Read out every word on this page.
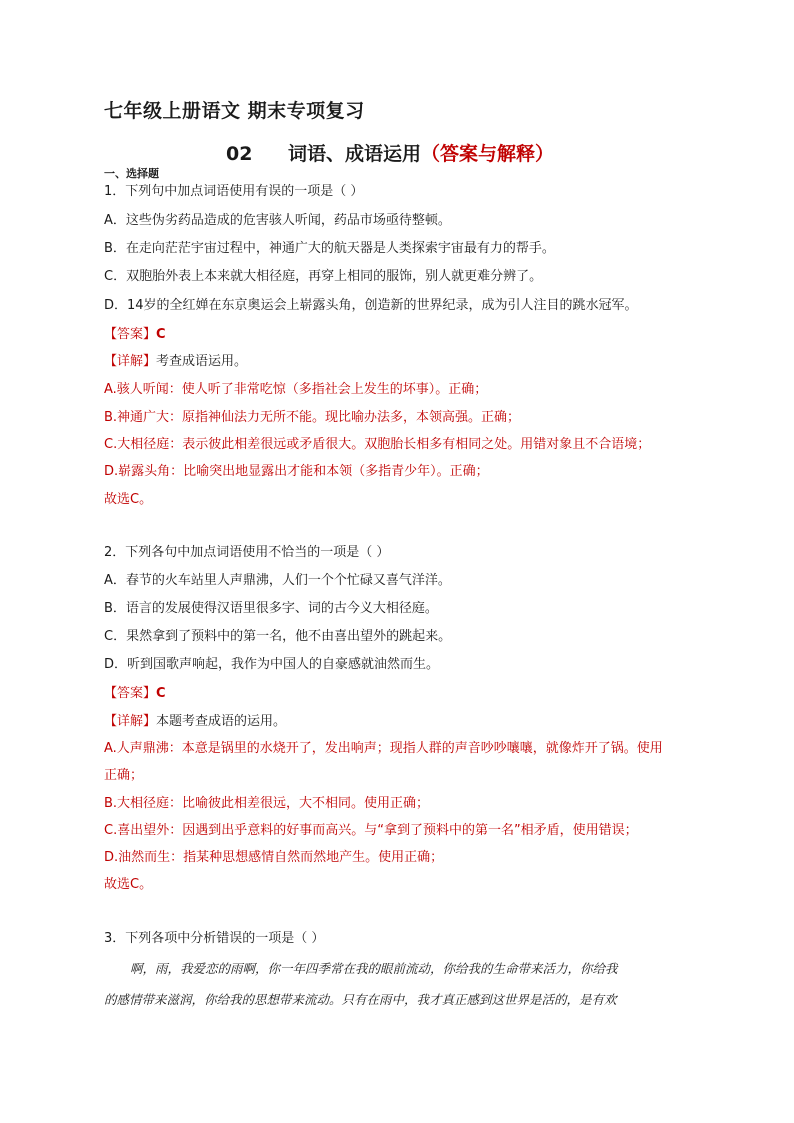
七年级上册语文 期末专项复习
02 词语、成语运用（答案与解释）
一、选择题
1．下列句中加点词语使用有误的一项是（ ）
A．这些伪劣药品造成的危害骇人听闻，药品市场亟待整顿。
B．在走向茫茫宇宙过程中，神通广大的航天器是人类探索宇宙最有力的帮手。
C．双胞胎外表上本来就大相径庭，再穿上相同的服饰，别人就更难分辨了。
D．14岁的全红婵在东京奥运会上崭露头角，创造新的世界纪录，成为引人注目的跳水冠军。
【答案】C
【详解】考查成语运用。
A.骇人听闻：使人听了非常吃惊（多指社会上发生的坏事）。正确；
B.神通广大：原指神仙法力无所不能。现比喻办法多，本领高强。正确；
C.大相径庭：表示彼此相差很远或矛盾很大。双胞胎长相多有相同之处。用错对象且不合语境；
D.崭露头角：比喻突出地显露出才能和本领（多指青少年）。正确；
故选C。
2．下列各句中加点词语使用不恰当的一项是（ ）
A．春节的火车站里人声鼎沸，人们一个个忙碌又喜气洋洋。
B．语言的发展使得汉语里很多字、词的古今义大相径庭。
C．果然拿到了预料中的第一名，他不由喜出望外的跳起来。
D．听到国歌声响起，我作为中国人的自豪感就油然而生。
【答案】C
【详解】本题考查成语的运用。
A.人声鼎沸：本意是锅里的水烧开了，发出响声；现指人群的声音吵吵嚷嚷，就像炸开了锅。使用
正确；
B.大相径庭：比喻彼此相差很远，大不相同。使用正确；
C.喜出望外：因遇到出乎意料的好事而高兴。与“拿到了预料中的第一名”相矛盾，使用错误；
D.油然而生：指某种思想感情自然而然地产生。使用正确；
故选C。
3．下列各项中分析错误的一项是（ ）
啊，雨，我爱恋的雨啊，你一年四季常在我的眼前流动，你给我的生命带来活力，你给我
的感情带来滋润，你给我的思想带来流动。只有在雨中，我才真正感到这世界是活的，是有欢
